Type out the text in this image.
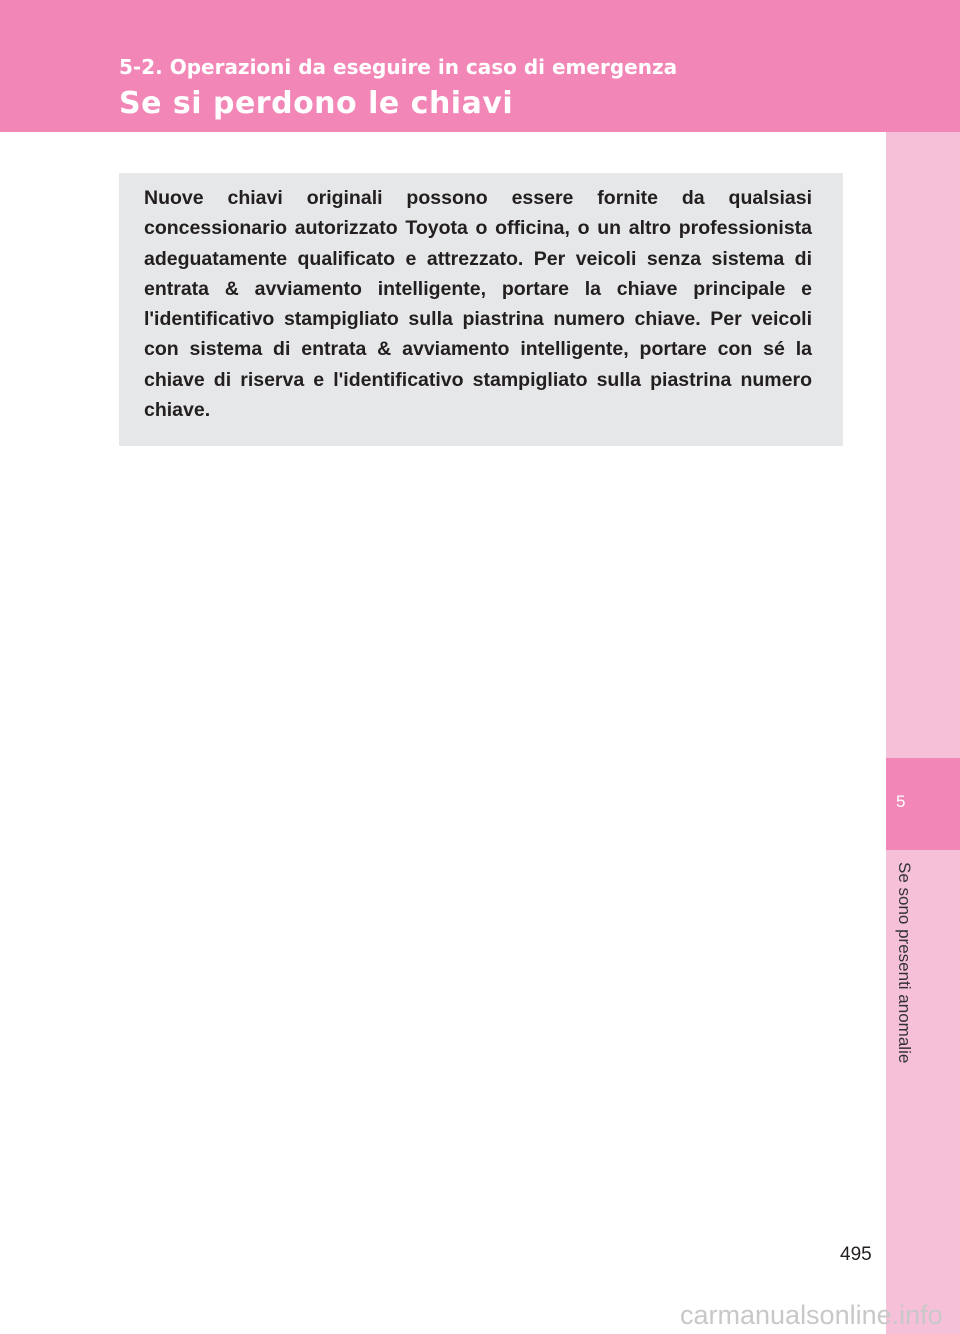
5-2. Operazioni da eseguire in caso di emergenza
Se si perdono le chiavi
5
Se sono presenti anomalie

Nuove chiavi originali possono essere fornite da qualsiasi concessionario autorizzato Toyota o officina, o un altro professionista adeguatamente qualificato e attrezzato. Per veicoli senza sistema di entrata & avviamento intelligente, portare la chiave principale e l'identificativo stampigliato sulla piastrina numero chiave. Per veicoli con sistema di entrata & avviamento intelligente, portare con sé la chiave di riserva e l'identificativo stampigliato sulla piastrina numero chiave.

495
carmanualsonline.info
